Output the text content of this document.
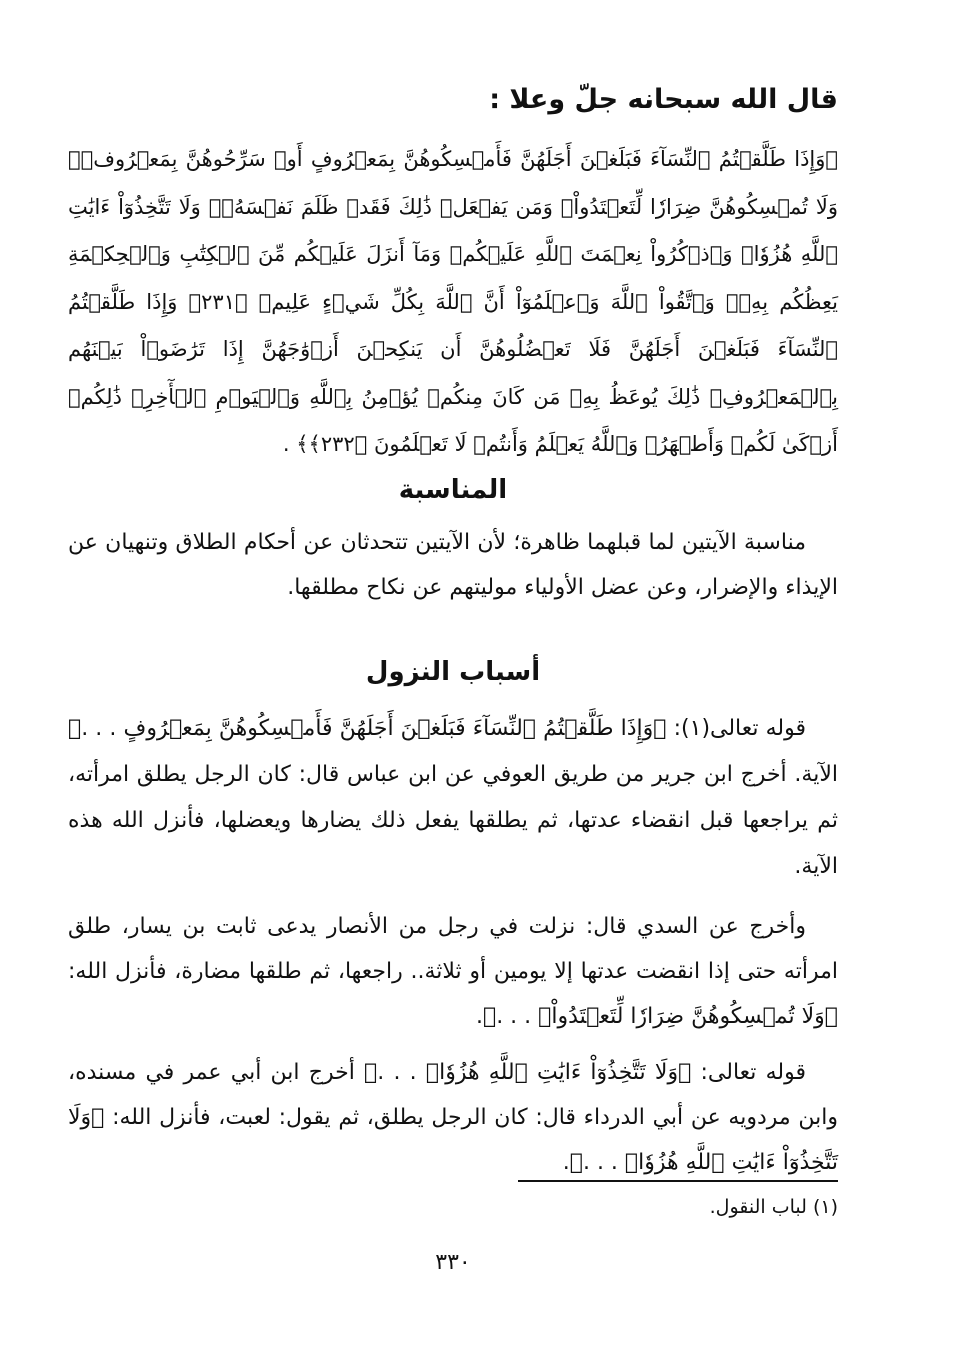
قال الله سبحانه جلّ وعلا :

﴿وَإِذَا طَلَّقۡتُمُ ٱلنِّسَآءَ فَبَلَغۡنَ أَجَلَهُنَّ فَأَمۡسِكُوهُنَّ بِمَعۡرُوفٍ أَوۡ سَرِّحُوهُنَّ بِمَعۡرُوفٖۚ وَلَا تُمۡسِكُوهُنَّ ضِرَارٗا لِّتَعۡتَدُواْۚ وَمَن يَفۡعَلۡ ذَٰلِكَ فَقَدۡ ظَلَمَ نَفۡسَهُۥۚ وَلَا تَتَّخِذُوٓاْ ءَايَٰتِ ٱللَّهِ هُزُوٗاۚ وَٱذۡكُرُواْ نِعۡمَتَ ٱللَّهِ عَلَيۡكُمۡ وَمَآ أَنزَلَ عَلَيۡكُم مِّنَ ٱلۡكِتَٰبِ وَٱلۡحِكۡمَةِ يَعِظُكُم بِهِۦۚ وَٱتَّقُواْ ٱللَّهَ وَٱعۡلَمُوٓاْ أَنَّ ٱللَّهَ بِكُلِّ شَيۡءٍ عَلِيمٞ ﴿٢٣١﴾ وَإِذَا طَلَّقۡتُمُ ٱلنِّسَآءَ فَبَلَغۡنَ أَجَلَهُنَّ فَلَا تَعۡضُلُوهُنَّ أَن يَنكِحۡنَ أَزۡوَٰجَهُنَّ إِذَا تَرَٰضَوۡاْ بَيۡنَهُم بِٱلۡمَعۡرُوفِۗ ذَٰلِكَ يُوعَظُ بِهِۦ مَن كَانَ مِنكُمۡ يُؤۡمِنُ بِٱللَّهِ وَٱلۡيَوۡمِ ٱلۡأٓخِرِۗ ذَٰلِكُمۡ أَزۡكَىٰ لَكُمۡ وَأَطۡهَرُۚ وَٱللَّهُ يَعۡلَمُ وَأَنتُمۡ لَا تَعۡلَمُونَ ﴿٢٣٢﴾﴾ .

المناسبة

مناسبة الآيتين لما قبلهما ظاهرة؛ لأن الآيتين تتحدثان عن أحكام الطلاق وتنهيان عن الإيذاء والإضرار، وعن عضل الأولياء موليتهم عن نكاح مطلقها.

أسباب النزول

قوله تعالى(١): ﴿وَإِذَا طَلَّقۡتُمُ ٱلنِّسَآءَ فَبَلَغۡنَ أَجَلَهُنَّ فَأَمۡسِكُوهُنَّ بِمَعۡرُوفٍ . . .﴾ الآية. أخرج ابن جرير من طريق العوفي عن ابن عباس قال: كان الرجل يطلق امرأته، ثم يراجعها قبل انقضاء عدتها، ثم يطلقها يفعل ذلك يضارها ويعضلها، فأنزل الله هذه الآية.

وأخرج عن السدي قال: نزلت في رجل من الأنصار يدعى ثابت بن يسار، طلق امرأته حتى إذا انقضت عدتها إلا يومين أو ثلاثة.. راجعها، ثم طلقها مضارة، فأنزل الله: ﴿وَلَا تُمۡسِكُوهُنَّ ضِرَارٗا لِّتَعۡتَدُواْۚ . . .﴾.

قوله تعالى: ﴿وَلَا تَتَّخِذُوٓاْ ءَايَٰتِ ٱللَّهِ هُزُوٗاۚ . . .﴾ أخرج ابن أبي عمر في مسنده، وابن مردويه عن أبي الدرداء قال: كان الرجل يطلق، ثم يقول: لعبت، فأنزل الله: ﴿وَلَا تَتَّخِذُوٓاْ ءَايَٰتِ ٱللَّهِ هُزُوٗاۚ . . .﴾.

(١) لباب النقول.
٣٣٠
